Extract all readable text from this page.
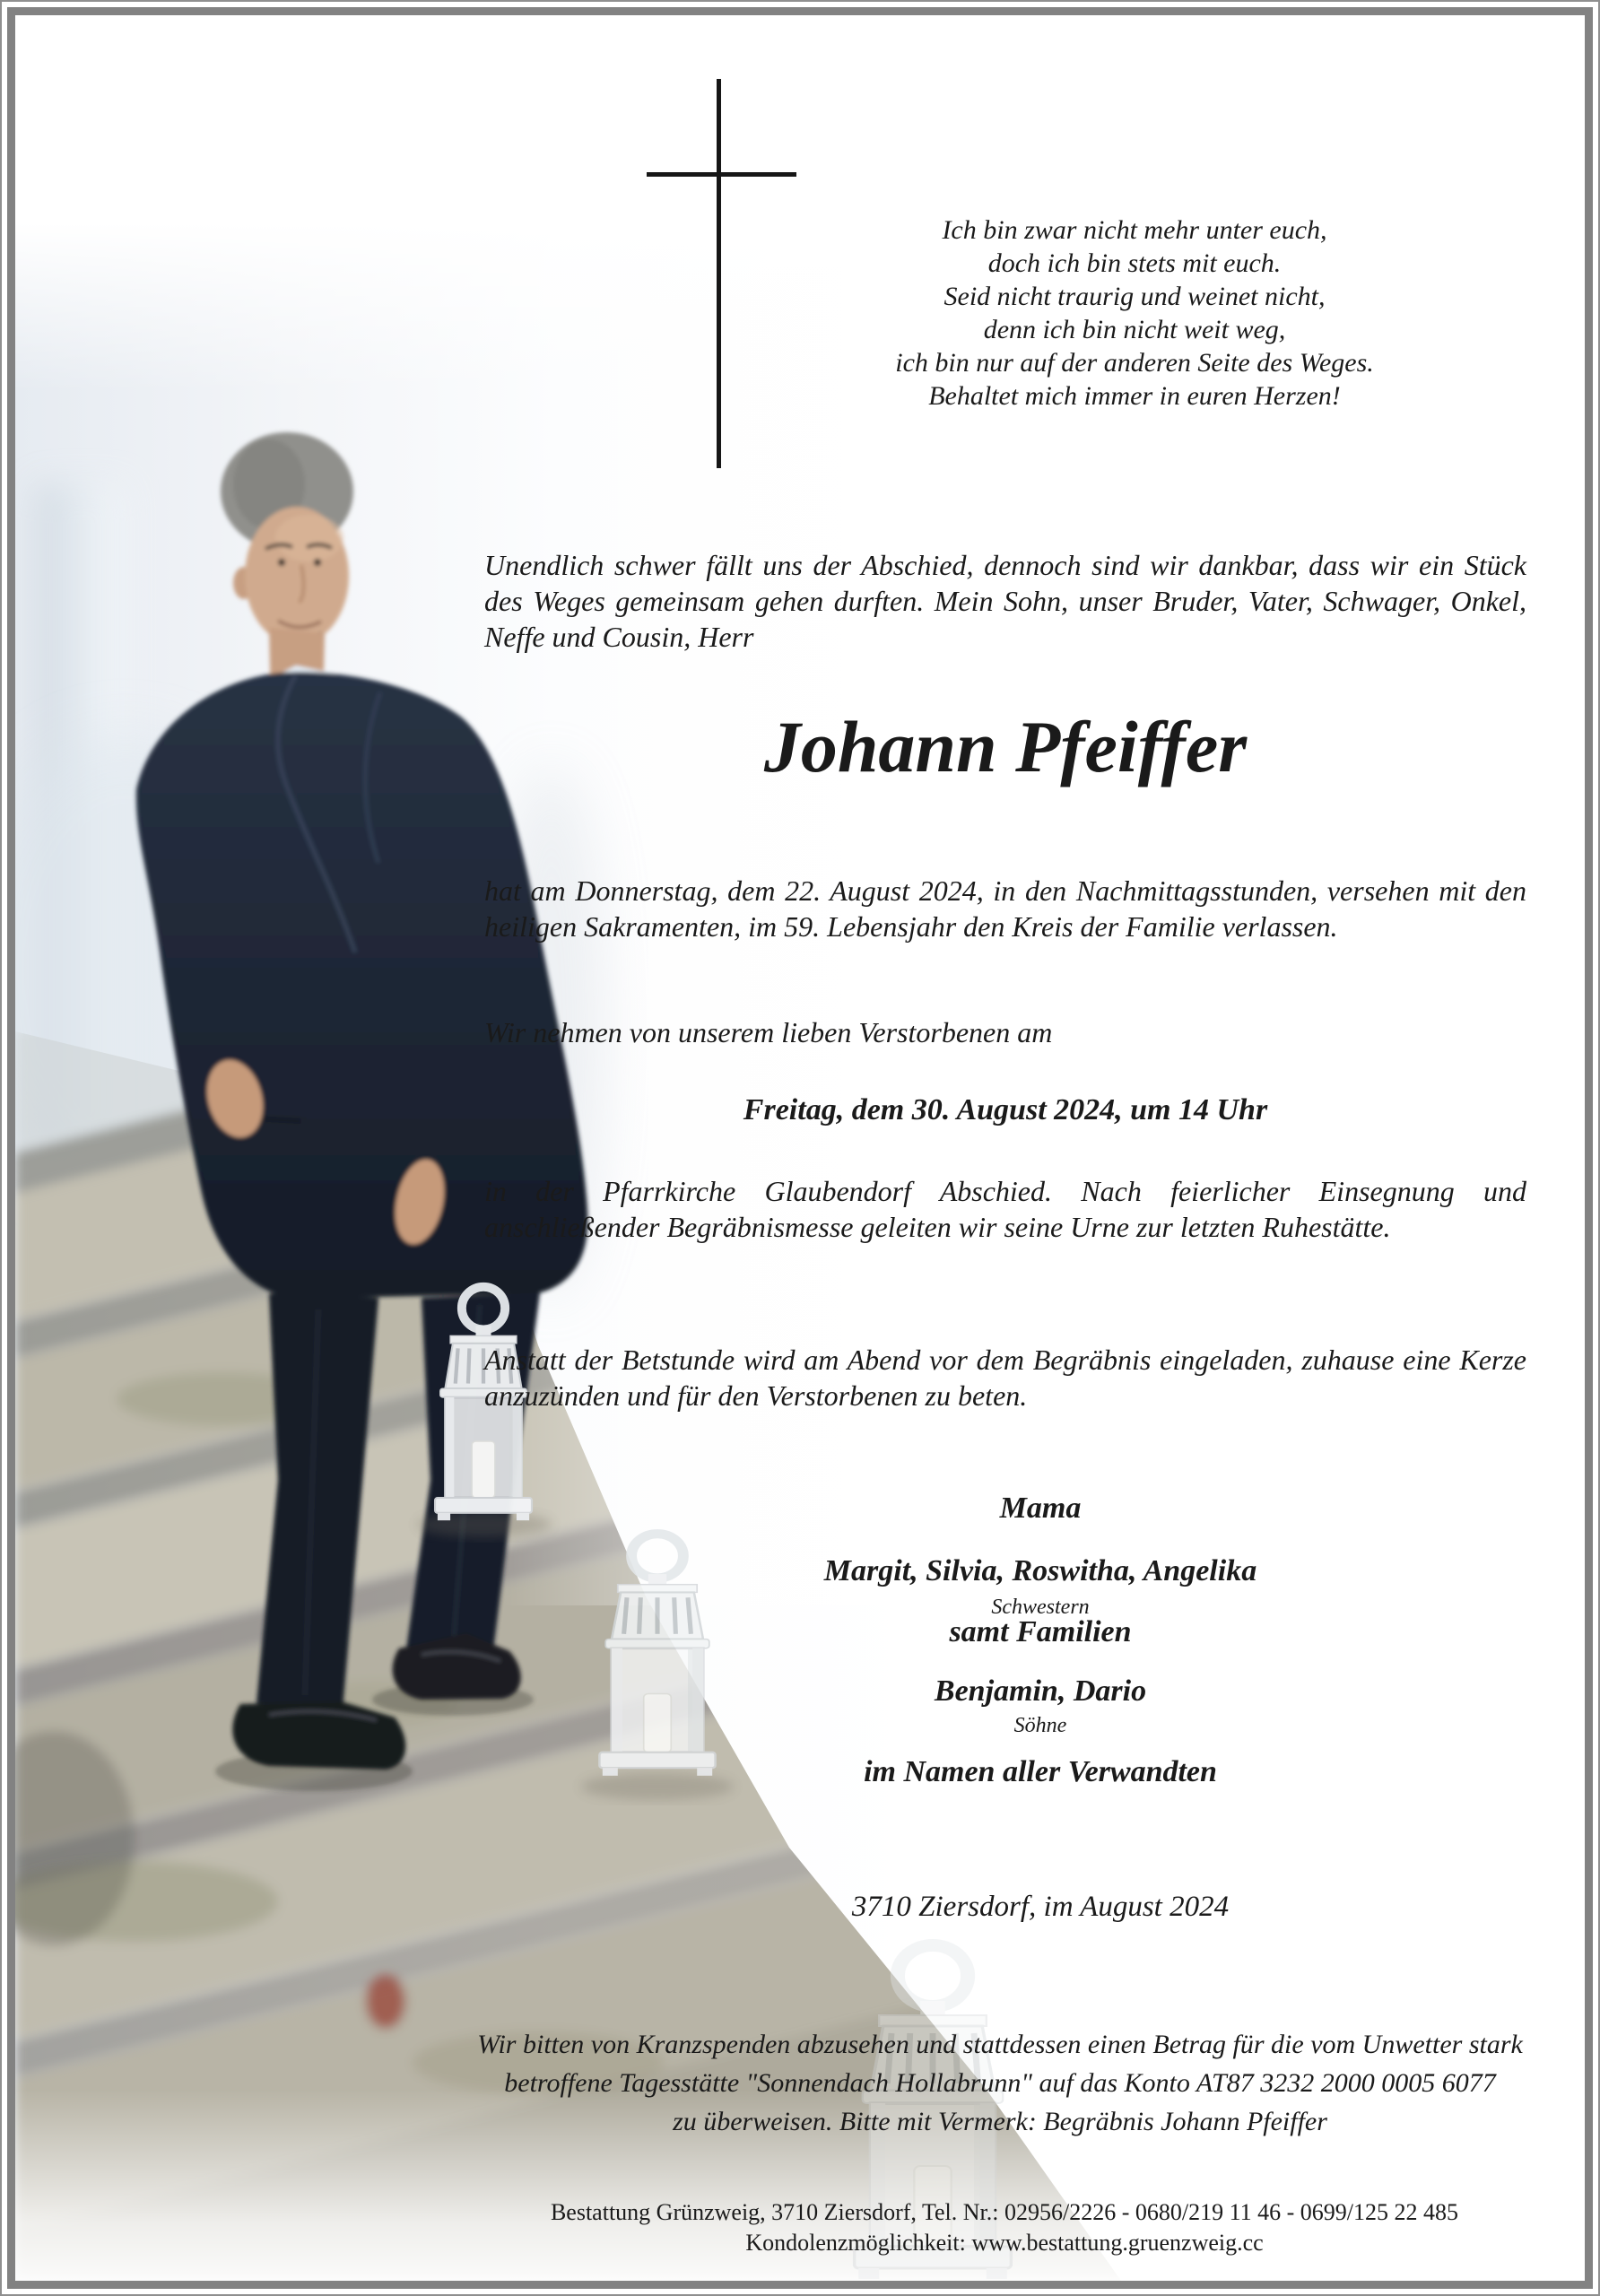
Ich bin zwar nicht mehr unter euch,
doch ich bin stets mit euch.
Seid nicht traurig und weinet nicht,
denn ich bin nicht weit weg,
ich bin nur auf der anderen Seite des Weges.
Behaltet mich immer in euren Herzen!
Unendlich schwer fällt uns der Abschied, dennoch sind wir dankbar, dass wir ein Stück des Weges gemeinsam gehen durften. Mein Sohn, unser Bruder, Vater, Schwager, Onkel, Neffe und Cousin, Herr
Johann Pfeiffer
hat am Donnerstag, dem 22. August 2024, in den Nachmittagsstunden, versehen mit den heiligen Sakramenten, im 59. Lebensjahr den Kreis der Familie verlassen.
Wir nehmen von unserem lieben Verstorbenen am
Freitag, dem 30. August 2024, um 14 Uhr
in der Pfarrkirche Glaubendorf Abschied. Nach feierlicher Einsegnung und anschließender Begräbnismesse geleiten wir seine Urne zur letzten Ruhestätte.
Anstatt der Betstunde wird am Abend vor dem Begräbnis eingeladen, zuhause eine Kerze anzuzünden und für den Verstorbenen zu beten.
Mama
Margit, Silvia, Roswitha, Angelika
Schwestern
samt Familien
Benjamin, Dario
Söhne
im Namen aller Verwandten
3710 Ziersdorf, im August 2024
Wir bitten von Kranzspenden abzusehen und stattdessen einen Betrag für die vom Unwetter stark
betroffene Tagesstätte "Sonnendach Hollabrunn" auf das Konto AT87 3232 2000 0005 6077
zu überweisen. Bitte mit Vermerk: Begräbnis Johann Pfeiffer
Bestattung Grünzweig, 3710 Ziersdorf, Tel. Nr.: 02956/2226 - 0680/219 11 46 - 0699/125 22 485
Kondolenzmöglichkeit: www.bestattung.gruenzweig.cc
